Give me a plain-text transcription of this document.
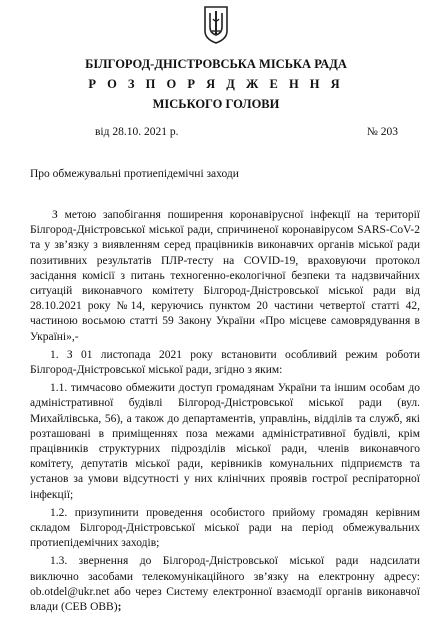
БІЛГОРОД-ДНІСТРОВСЬКА МІСЬКА РАДА
Р О З П О Р Я Д Ж Е Н Н Я
МІСЬКОГО ГОЛОВИ
від 28.10. 2021 р.	№ 203
Про обмежувальні протиепідемічні заходи

З метою запобігання поширення коронавірусної інфекції на території Білгород-Дністровської міської ради, спричиненої коронавірусом SARS-CoV-2 та у зв’язку з виявленням серед працівників виконавчих органів міської ради позитивних результатів ПЛР-тесту на COVID-19, враховуючи протокол засідання комісії з питань техногенно-екологічної безпеки та надзвичайних ситуацій виконавчого комітету Білгород-Дністровської міської ради від 28.10.2021 року №14, керуючись пунктом 20 частини четвертої статті 42, частиною восьмою статті 59 Закону України «Про місцеве самоврядування в Україні»,-

1. З 01 листопада 2021 року встановити особливий режим роботи Білгород-Дністровської міської ради, згідно з яким:

1.1. тимчасово обмежити доступ громадянам України та іншим особам до адміністративної будівлі Білгород-Дністровської міської ради (вул. Михайлівська, 56), а також до департаментів, управлінь, відділів та служб, які розташовані в приміщеннях поза межами адміністративної будівлі, крім працівників структурних підрозділів міської ради, членів виконавчого комітету, депутатів міської ради, керівників комунальних підприємств та установ за умови відсутності у них клінічних проявів гострої респіраторної інфекції;

1.2. призупинити проведення особистого прийому громадян керівним складом Білгород-Дністровської міської ради на період обмежувальних протиепідемічних заходів;

1.3. звернення до Білгород-Дністровської міської ради надсилати виключно засобами телекомунікаційного зв’язку на електронну адресу: ob.otdel@ukr.net або через Систему електронної взаємодії органів виконавчої влади (СЕВ ОВВ);
